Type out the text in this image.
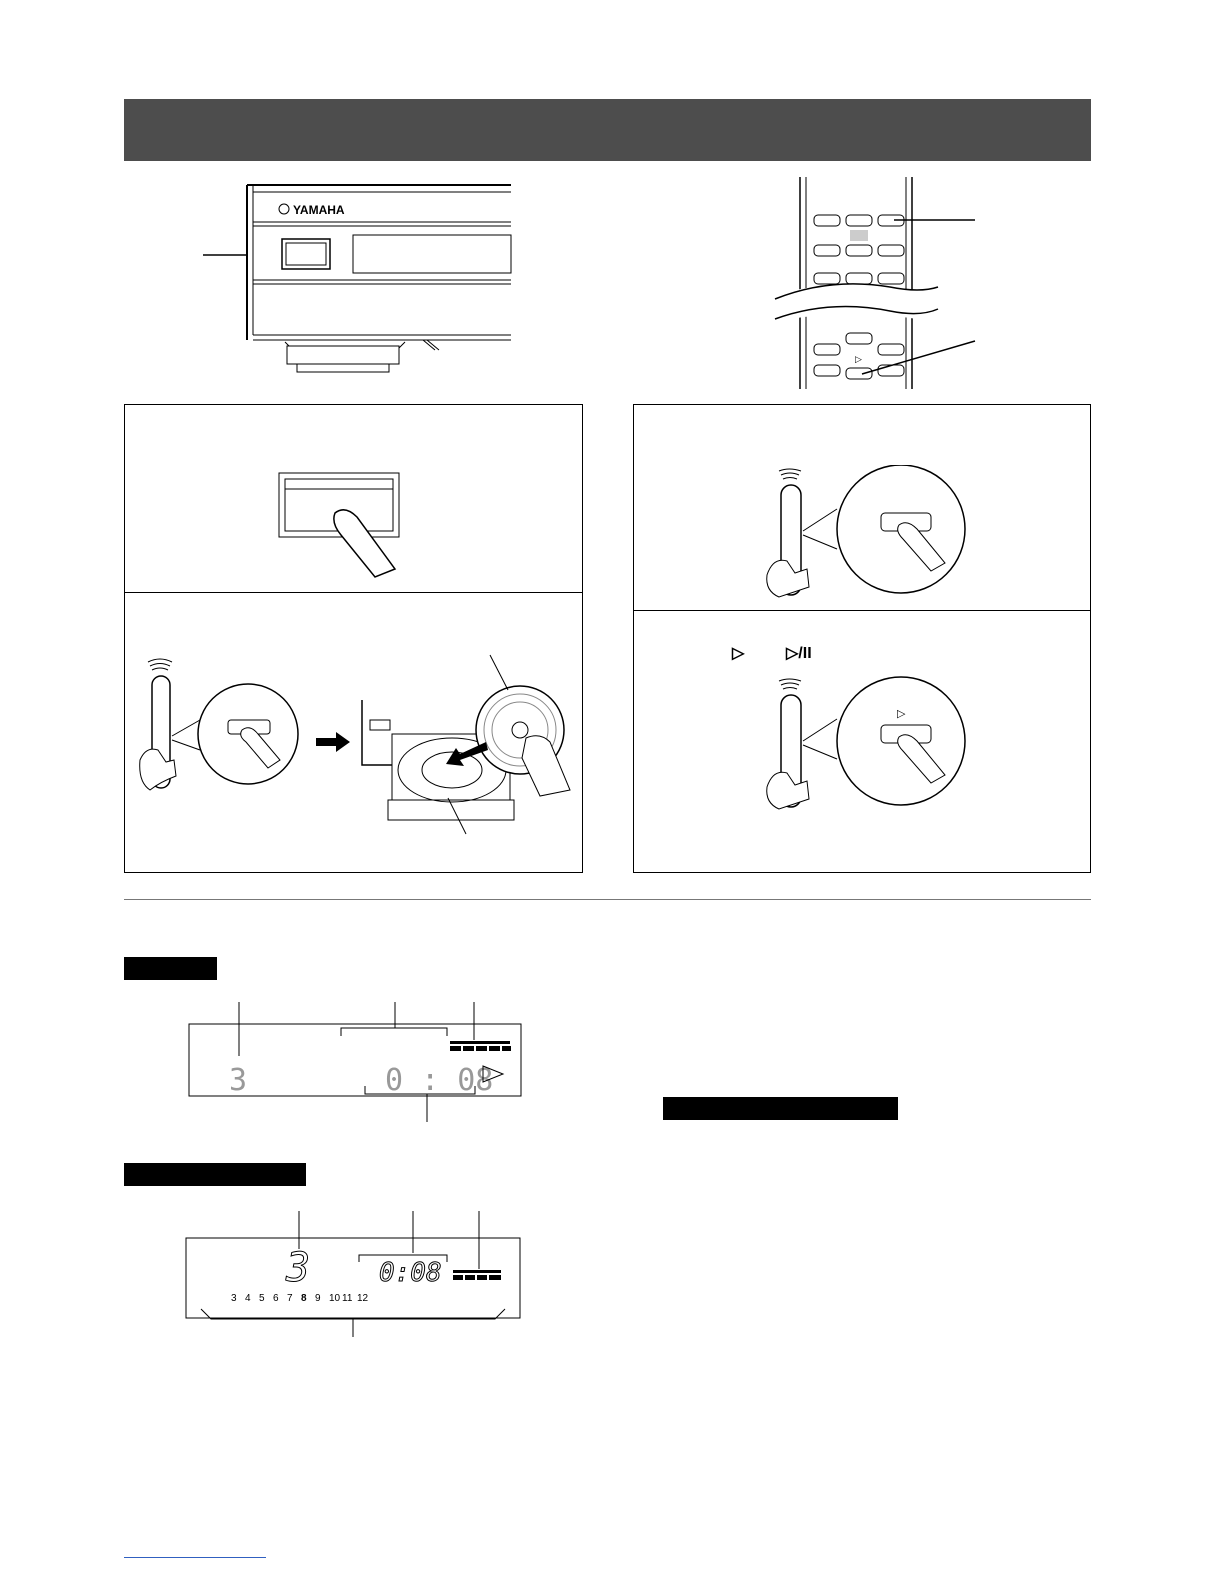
YAMAHA
▷
▷	▷/II
▷
3	0 : 08
3	0:08
3 4 5 6 7 8 9 10 11 12
